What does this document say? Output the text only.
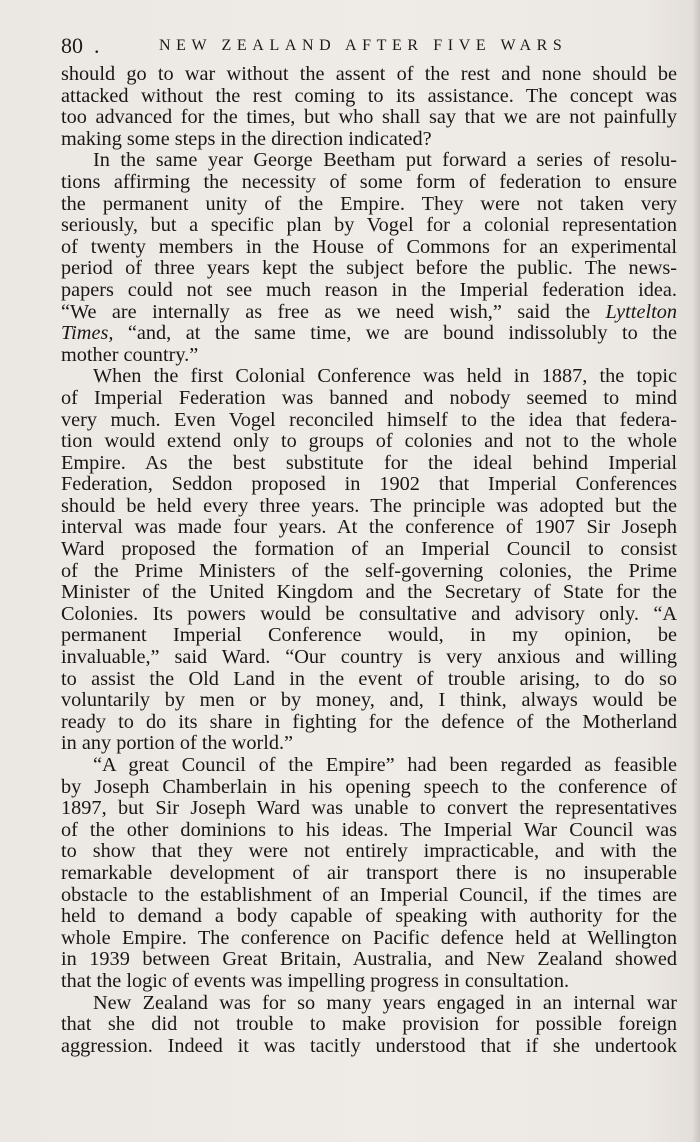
80 .	NEW ZEALAND AFTER FIVE WARS
should go to war without the assent of the rest and none should be
attacked without the rest coming to its assistance. The concept was
too advanced for the times, but who shall say that we are not painfully
making some steps in the direction indicated?
In the same year George Beetham put forward a series of resolu-
tions affirming the necessity of some form of federation to ensure
the permanent unity of the Empire. They were not taken very
seriously, but a specific plan by Vogel for a colonial representation
of twenty members in the House of Commons for an experimental
period of three years kept the subject before the public. The news-
papers could not see much reason in the Imperial federation idea.
“We are internally as free as we need wish,” said the Lyttelton
Times, “and, at the same time, we are bound indissolubly to the
mother country.”
When the first Colonial Conference was held in 1887, the topic
of Imperial Federation was banned and nobody seemed to mind
very much. Even Vogel reconciled himself to the idea that federa-
tion would extend only to groups of colonies and not to the whole
Empire. As the best substitute for the ideal behind Imperial
Federation, Seddon proposed in 1902 that Imperial Conferences
should be held every three years. The principle was adopted but the
interval was made four years. At the conference of 1907 Sir Joseph
Ward proposed the formation of an Imperial Council to consist
of the Prime Ministers of the self-governing colonies, the Prime
Minister of the United Kingdom and the Secretary of State for the
Colonies. Its powers would be consultative and advisory only. “A
permanent Imperial Conference would, in my opinion, be
invaluable,” said Ward. “Our country is very anxious and willing
to assist the Old Land in the event of trouble arising, to do so
voluntarily by men or by money, and, I think, always would be
ready to do its share in fighting for the defence of the Motherland
in any portion of the world.”
“A great Council of the Empire” had been regarded as feasible
by Joseph Chamberlain in his opening speech to the conference of
1897, but Sir Joseph Ward was unable to convert the representatives
of the other dominions to his ideas. The Imperial War Council was
to show that they were not entirely impracticable, and with the
remarkable development of air transport there is no insuperable
obstacle to the establishment of an Imperial Council, if the times are
held to demand a body capable of speaking with authority for the
whole Empire. The conference on Pacific defence held at Wellington
in 1939 between Great Britain, Australia, and New Zealand showed
that the logic of events was impelling progress in consultation.
New Zealand was for so many years engaged in an internal war
that she did not trouble to make provision for possible foreign
aggression. Indeed it was tacitly understood that if she undertook
